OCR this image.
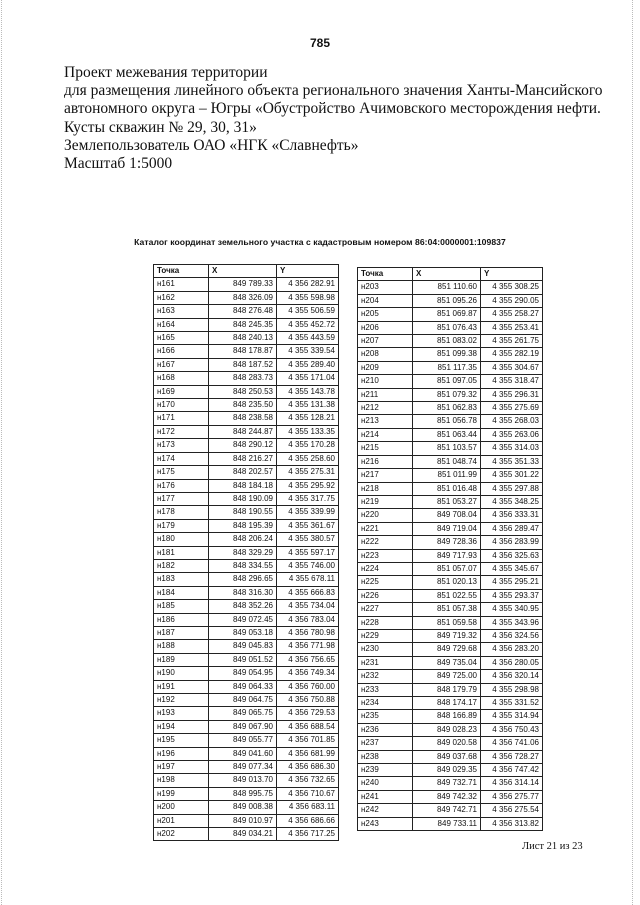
785
Проект межевания территории
для размещения линейного объекта регионального значения Ханты-Мансийского
автономного округа – Югры «Обустройство Ачимовского месторождения нефти.
Кусты скважин № 29, 30, 31»
Землепользователь ОАО «НГК «Славнефть»
Масштаб 1:5000
Каталог координат земельного участка с кадастровым номером 86:04:0000001:109837
Точка	X	Y
н161	849 789.33	4 356 282.91
н162	848 326.09	4 355 598.98
н163	848 276.48	4 355 506.59
н164	848 245.35	4 355 452.72
н165	848 240.13	4 355 443.59
н166	848 178.87	4 355 339.54
н167	848 187.52	4 355 289.40
н168	848 283.73	4 355 171.04
н169	848 250.53	4 355 143.78
н170	848 235.50	4 355 131.38
н171	848 238.58	4 355 128.21
н172	848 244.87	4 355 133.35
н173	848 290.12	4 355 170.28
н174	848 216.27	4 355 258.60
н175	848 202.57	4 355 275.31
н176	848 184.18	4 355 295.92
н177	848 190.09	4 355 317.75
н178	848 190.55	4 355 339.99
н179	848 195.39	4 355 361.67
н180	848 206.24	4 355 380.57
н181	848 329.29	4 355 597.17
н182	848 334.55	4 355 746.00
н183	848 296.65	4 355 678.11
н184	848 316.30	4 355 666.83
н185	848 352.26	4 355 734.04
н186	849 072.45	4 356 783.04
н187	849 053.18	4 356 780.98
н188	849 045.83	4 356 771.98
н189	849 051.52	4 356 756.65
н190	849 054.95	4 356 749.34
н191	849 064.33	4 356 760.00
н192	849 064.75	4 356 750.88
н193	849 065.75	4 356 729.53
н194	849 067.90	4 356 688.54
н195	849 055.77	4 356 701.85
н196	849 041.60	4 356 681.99
н197	849 077.34	4 356 686.30
н198	849 013.70	4 356 732.65
н199	848 995.75	4 356 710.67
н200	849 008.38	4 356 683.11
н201	849 010.97	4 356 686.66
н202	849 034.21	4 356 717.25
Точка	X	Y
н203	851 110.60	4 355 308.25
н204	851 095.26	4 355 290.05
н205	851 069.87	4 355 258.27
н206	851 076.43	4 355 253.41
н207	851 083.02	4 355 261.75
н208	851 099.38	4 355 282.19
н209	851 117.35	4 355 304.67
н210	851 097.05	4 355 318.47
н211	851 079.32	4 355 296.31
н212	851 062.83	4 355 275.69
н213	851 056.78	4 355 268.03
н214	851 063.44	4 355 263.06
н215	851 103.57	4 355 314.03
н216	851 048.74	4 355 351.33
н217	851 011.99	4 355 301.22
н218	851 016.48	4 355 297.88
н219	851 053.27	4 355 348.25
н220	849 708.04	4 356 333.31
н221	849 719.04	4 356 289.47
н222	849 728.36	4 356 283.99
н223	849 717.93	4 356 325.63
н224	851 057.07	4 355 345.67
н225	851 020.13	4 355 295.21
н226	851 022.55	4 355 293.37
н227	851 057.38	4 355 340.95
н228	851 059.58	4 355 343.96
н229	849 719.32	4 356 324.56
н230	849 729.68	4 356 283.20
н231	849 735.04	4 356 280.05
н232	849 725.00	4 356 320.14
н233	848 179.79	4 355 298.98
н234	848 174.17	4 355 331.52
н235	848 166.89	4 355 314.94
н236	849 028.23	4 356 750.43
н237	849 020.58	4 356 741.06
н238	849 037.68	4 356 728.27
н239	849 029.35	4 356 747.42
н240	849 732.71	4 356 314.14
н241	849 742.32	4 356 275.77
н242	849 742.71	4 356 275.54
н243	849 733.11	4 356 313.82
Лист 21 из 23
